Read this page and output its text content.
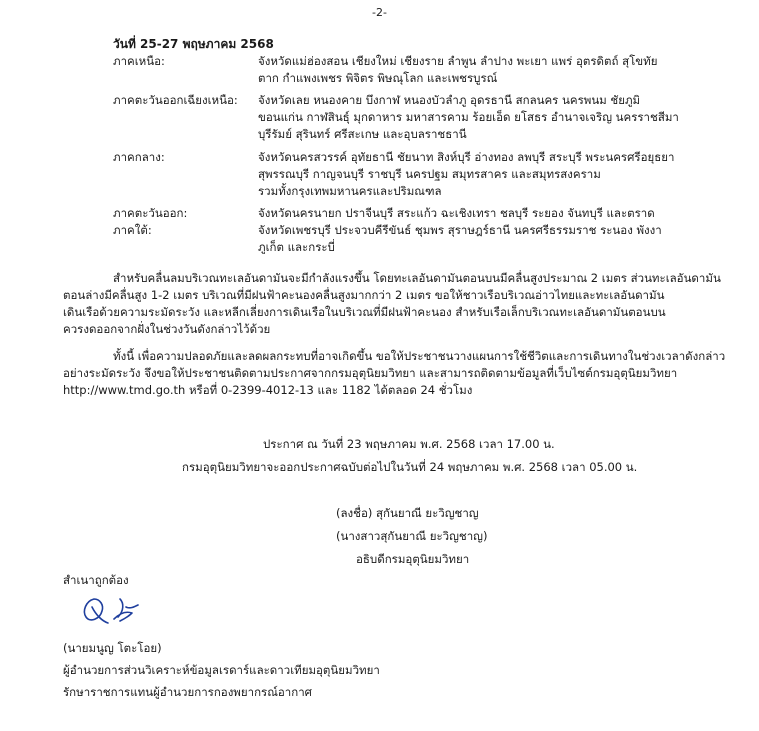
-2-
วันที่ 25-27 พฤษภาคม 2568
ภาคเหนือ:	จังหวัดแม่ฮ่องสอน เชียงใหม่ เชียงราย ลำพูน ลำปาง พะเยา แพร่ อุตรดิตถ์ สุโขทัย
ตาก กำแพงเพชร พิจิตร พิษณุโลก และเพชรบูรณ์
ภาคตะวันออกเฉียงเหนือ: จังหวัดเลย หนองคาย บึงกาฬ หนองบัวลำภู อุดรธานี สกลนคร นครพนม ชัยภูมิ
ขอนแก่น กาฬสินธุ์ มุกดาหาร มหาสารคาม ร้อยเอ็ด ยโสธร อำนาจเจริญ นครราชสีมา
บุรีรัมย์ สุรินทร์ ศรีสะเกษ และอุบลราชธานี
ภาคกลาง:	จังหวัดนครสวรรค์ อุทัยธานี ชัยนาท สิงห์บุรี อ่างทอง ลพบุรี สระบุรี พระนครศรีอยุธยา
สุพรรณบุรี กาญจนบุรี ราชบุรี นครปฐม สมุทรสาคร และสมุทรสงคราม
รวมทั้งกรุงเทพมหานครและปริมณฑล
ภาคตะวันออก:	จังหวัดนครนายก ปราจีนบุรี สระแก้ว ฉะเชิงเทรา ชลบุรี ระยอง จันทบุรี และตราด
ภาคใต้:	จังหวัดเพชรบุรี ประจวบคีรีขันธ์ ชุมพร สุราษฎร์ธานี นครศรีธรรมราช ระนอง พังงา
ภูเก็ต และกระบี่
สำหรับคลื่นลมบริเวณทะเลอันดามันจะมีกำลังแรงขึ้น โดยทะเลอันดามันตอนบนมีคลื่นสูงประมาณ 2 เมตร ส่วนทะเลอันดามัน
ตอนล่างมีคลื่นสูง 1-2 เมตร บริเวณที่มีฝนฟ้าคะนองคลื่นสูงมากกว่า 2 เมตร ขอให้ชาวเรือบริเวณอ่าวไทยและทะเลอันดามัน
เดินเรือด้วยความระมัดระวัง และหลีกเลี่ยงการเดินเรือในบริเวณที่มีฝนฟ้าคะนอง สำหรับเรือเล็กบริเวณทะเลอันดามันตอนบน
ควรงดออกจากฝั่งในช่วงวันดังกล่าวไว้ด้วย
ทั้งนี้ เพื่อความปลอดภัยและลดผลกระทบที่อาจเกิดขึ้น ขอให้ประชาชนวางแผนการใช้ชีวิตและการเดินทางในช่วงเวลาดังกล่าว
อย่างระมัดระวัง จึงขอให้ประชาชนติดตามประกาศจากกรมอุตุนิยมวิทยา และสามารถติดตามข้อมูลที่เว็บไซต์กรมอุตุนิยมวิทยา
http://www.tmd.go.th หรือที่ 0-2399-4012-13 และ 1182 ได้ตลอด 24 ชั่วโมง
ประกาศ ณ วันที่ 23 พฤษภาคม พ.ศ. 2568 เวลา 17.00 น.
กรมอุตุนิยมวิทยาจะออกประกาศฉบับต่อไปในวันที่ 24 พฤษภาคม พ.ศ. 2568 เวลา 05.00 น.
(ลงชื่อ) สุกันยาณี ยะวิญชาญ
(นางสาวสุกันยาณี ยะวิญชาญ)
อธิบดีกรมอุตุนิยมวิทยา
สำเนาถูกต้อง
(นายมนูญ โตะโอย)
ผู้อำนวยการส่วนวิเคราะห์ข้อมูลเรดาร์และดาวเทียมอุตุนิยมวิทยา
รักษาราชการแทนผู้อำนวยการกองพยากรณ์อากาศ
